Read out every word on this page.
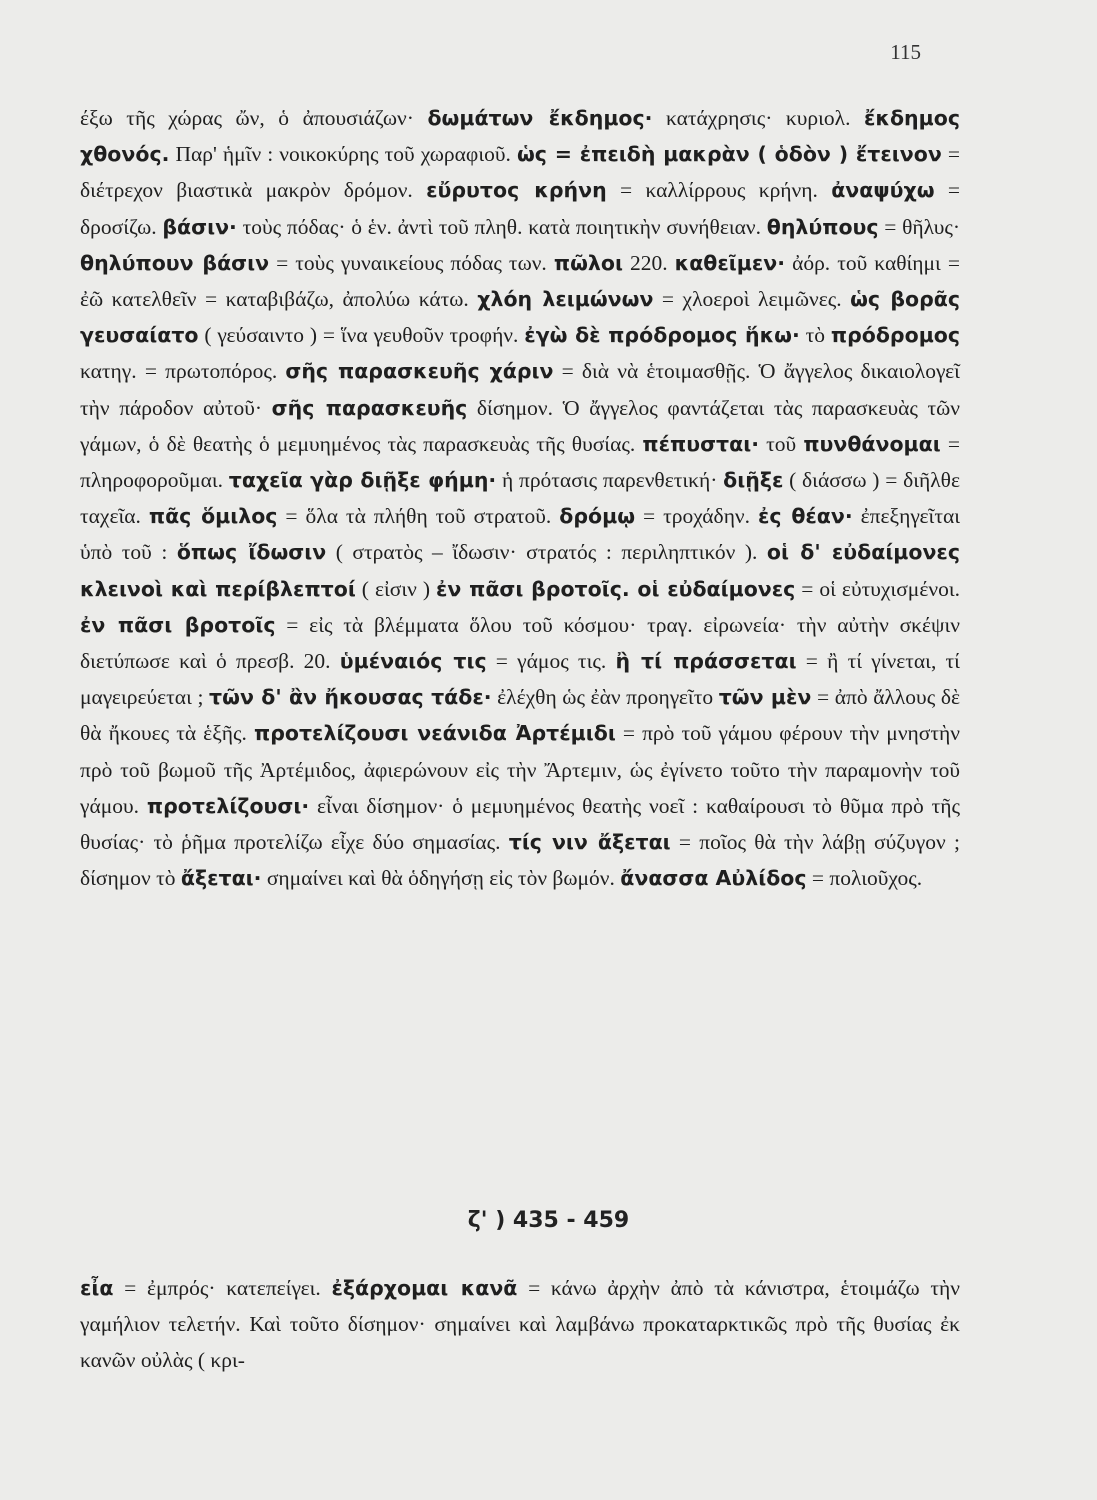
115

έξω τῆς χώρας ὤν, ὁ ἀπουσιάζων· δωμάτων ἔκδημος· κατάχρησις· κυριολ. ἔκδημος χθονός. Παρ' ἡμῖν : νοικοκύρης τοῦ χωραφιοῦ. ὡς = ἐπειδὴ μακρὰν ( ὁδὸν ) ἔτεινον = διέτρεχον βιαστικὰ μακρὸν δρόμον. εὔρυτος κρήνη = καλλίρρους κρήνη. ἀναψύχω = δροσίζω. βάσιν· τοὺς πόδας· ὁ ἑν. ἀντὶ τοῦ πληθ. κατὰ ποιητικὴν συνήθειαν. θηλύπους = θῆλυς· θηλύπουν βάσιν = τοὺς γυναικείους πόδας των. πῶλοι 220. καθεῖμεν· ἀόρ. τοῦ καθίημι = ἐῶ κατελθεῖν = καταβιβάζω, ἀπολύω κάτω. χλόη λειμώνων = χλοεροὶ λειμῶνες. ὡς βορᾶς γευσαίατο ( γεύσαιντο ) = ἵνα γευθοῦν τροφήν. ἐγὼ δὲ πρόδρομος ἥκω· τὸ πρόδρομος κατηγ. = πρωτοπόρος. σῆς παρασκευῆς χάριν = διὰ νὰ ἑτοιμασθῇς. Ὁ ἄγγελος δικαιολογεῖ τὴν πάροδον αὐτοῦ· σῆς παρασκευῆς δίσημον. Ὁ ἄγγελος φαντάζεται τὰς παρασκευὰς τῶν γάμων, ὁ δὲ θεατὴς ὁ μεμυημένος τὰς παρασκευὰς τῆς θυσίας. πέπυσται· τοῦ πυνθάνομαι = πληροφοροῦμαι. ταχεῖα γὰρ διῇξε φήμη· ἡ πρότασις παρενθετική· διῇξε ( διάσσω ) = διῆλθε ταχεῖα. πᾶς ὅμιλος = ὅλα τὰ πλήθη τοῦ στρατοῦ. δρόμῳ = τροχάδην. ἐς θέαν· ἐπεξηγεῖται ὑπὸ τοῦ : ὅπως ἴδωσιν ( στρατὸς – ἴδωσιν· στρατός : περιληπτικόν ). οἱ δ' εὐδαίμονες κλεινοὶ καὶ περίβλεπτοί ( εἰσιν ) ἐν πᾶσι βροτοῖς. οἱ εὐδαίμονες = οἱ εὐτυχισμένοι. ἐν πᾶσι βροτοῖς = εἰς τὰ βλέμματα ὅλου τοῦ κόσμου· τραγ. εἰρωνεία· τὴν αὐτὴν σκέψιν διετύπωσε καὶ ὁ πρεσβ. 20. ὑμέναιός τις = γάμος τις. ἢ τί πράσσεται = ἢ τί γίνεται, τί μαγειρεύεται ; τῶν δ' ἂν ἤκουσας τάδε· ἐλέχθη ὡς ἐὰν προηγεῖτο τῶν μὲν = ἀπὸ ἄλλους δὲ θὰ ἤκουες τὰ ἑξῆς. προτελίζουσι νεάνιδα Ἀρτέμιδι = πρὸ τοῦ γάμου φέρουν τὴν μνηστὴν πρὸ τοῦ βωμοῦ τῆς Ἀρτέμιδος, ἀφιερώνουν εἰς τὴν Ἄρτεμιν, ὡς ἐγίνετο τοῦτο τὴν παραμονὴν τοῦ γάμου. προτελίζουσι· εἶναι δίσημον· ὁ μεμυημένος θεατὴς νοεῖ : καθαίρουσι τὸ θῦμα πρὸ τῆς θυσίας· τὸ ῥῆμα προτελίζω εἶχε δύο σημασίας. τίς νιν ἄξεται = ποῖος θὰ τὴν λάβῃ σύζυγον ; δίσημον τὸ ἄξεται· σημαίνει καὶ θὰ ὁδηγήσῃ εἰς τὸν βωμόν. ἄνασσα Αὐλίδος = πολιοῦχος.

ζ' ) 435 - 459

εἶα = ἐμπρός· κατεπείγει. ἐξάρχομαι κανᾶ = κάνω ἀρχὴν ἀπὸ τὰ κάνιστρα, ἑτοιμάζω τὴν γαμήλιον τελετήν. Καὶ τοῦτο δίσημον· σημαίνει καὶ λαμβάνω προκαταρκτικῶς πρὸ τῆς θυσίας ἐκ κανῶν οὐλὰς ( κρι-
